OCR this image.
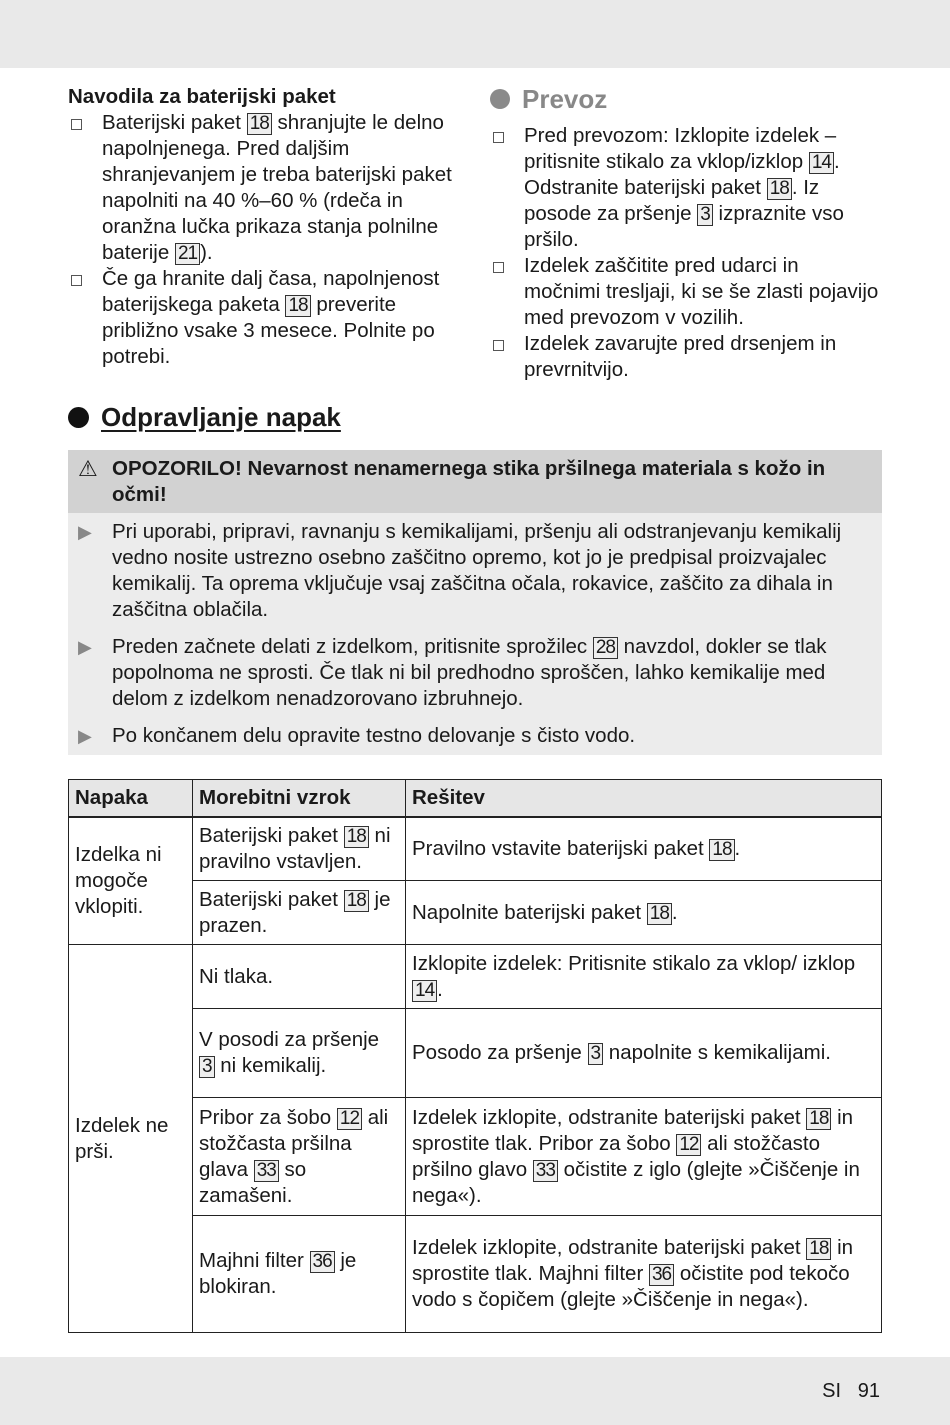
Navodila za baterijski paket
Baterijski paket 18 shranjujte le delno napolnjenega. Pred daljšim shranjevanjem je treba baterijski paket napolniti na 40 %–60 % (rdeča in oranžna lučka prikaza stanja polnilne baterije 21 ).
Če ga hranite dalj časa, napolnjenost baterijskega paketa 18 preverite približno vsake 3 mesece. Polnite po potrebi.
Prevoz
Pred prevozom: Izklopite izdelek – pritisnite stikalo za vklop/izklop 14 . Odstranite baterijski paket 18 . Iz posode za pršenje 3 izpraznite vso pršilo.
Izdelek zaščitite pred udarci in močnimi tresljaji, ki se še zlasti pojavijo med prevozom v vozilih.
Izdelek zavarujte pred drsenjem in prevrnitvijo.
Odpravljanje napak
⚠ OPOZORILO! Nevarnost nenamernega stika pršilnega materiala s kožo in očmi!

▶ Pri uporabi, pripravi, ravnanju s kemikalijami, pršenju ali odstranjevanju kemikalij vedno nosite ustrezno osebno zaščitno opremo, kot jo je predpisal proizvajalec kemikalij. Ta oprema vključuje vsaj zaščitna očala, rokavice, zaščito za dihala in zaščitna oblačila.

▶ Preden začnete delati z izdelkom, pritisnite sprožilec 28 navzdol, dokler se tlak popolnoma ne sprosti. Če tlak ni bil predhodno sproščen, lahko kemikalije med delom z izdelkom nenadzorovano izbruhnejo.

▶ Po končanem delu opravite testno delovanje s čisto vodo.

Napaka	Morebitni vzrok	Rešitev
Izdelka ni mogoče vklopiti.	Baterijski paket 18 ni pravilno vstavljen.	Pravilno vstavite baterijski paket 18 .
	Baterijski paket 18 je prazen.	Napolnite baterijski paket 18 .
Izdelek ne prši.	Ni tlaka.	Izklopite izdelek: Pritisnite stikalo za vklop/ izklop 14 .
	V posodi za pršenje 3 ni kemikalij.	Posodo za pršenje 3 napolnite s kemikalijami.
	Pribor za šobo 12 ali stožčasta pršilna glava 33 so zamašeni.	Izdelek izklopite, odstranite baterijski paket 18 in sprostite tlak. Pribor za šobo 12 ali stožčasto pršilno glavo 33 očistite z iglo (glejte »Čiščenje in nega«).
	Majhni filter 36 je blokiran.	Izdelek izklopite, odstranite baterijski paket 18 in sprostite tlak. Majhni filter 36 očistite pod tekočo vodo s čopičem (glejte »Čiščenje in nega«).
SI 91
